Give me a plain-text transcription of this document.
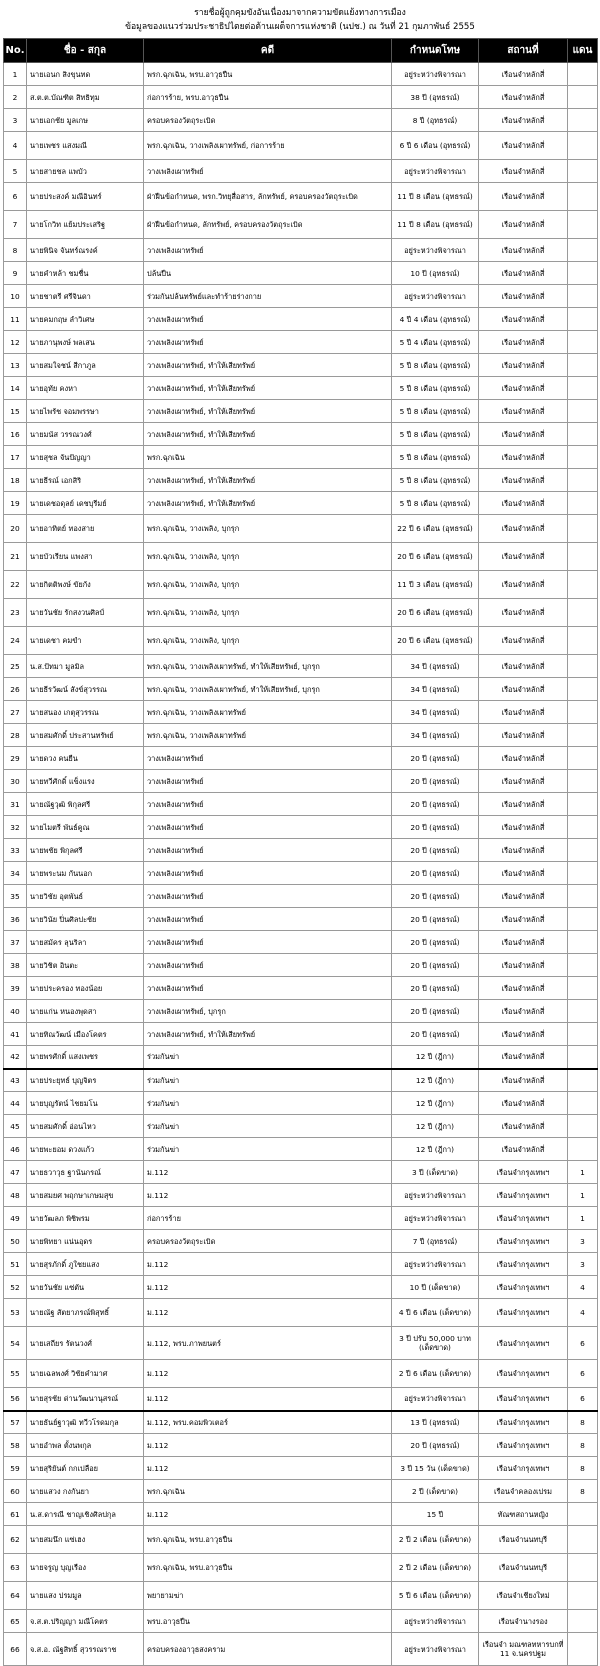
รายชื่อผู้ถูกคุมขังอันเนื่องมาจากความขัดแย้งทางการเมือง
ข้อมูลของแนวร่วมประชาธิปไตยต่อต้านเผด็จการแห่งชาติ (นปช.) ณ วันที่ 21 กุมภาพันธ์ 2555
No.	ชื่อ - สกุล	คดี	กำหนดโทษ	สถานที่	แดน
1	นายเอนก สิงขุนทด	พรก.ฉุกเฉิน, พรบ.อาวุธปืน	อยู่ระหว่างพิจารณา	เรือนจำหลักสี่	
2	ส.ต.ต.บัณฑิต สิทธิทุม	ก่อการร้าย, พรบ.อาวุธปืน	38 ปี (อุทธรณ์)	เรือนจำหลักสี่	
3	นายเอกชัย มูลเกษ	ครอบครองวัตถุระเบิด	8 ปี (อุทธรณ์)	เรือนจำหลักสี่	
4	นายเพชร แสงมณี	พรก.ฉุกเฉิน, วางเพลิงเผาทรัพย์, ก่อการร้าย	6 ปี 6 เดือน (อุทธรณ์)	เรือนจำหลักสี่	
5	นายสายชล แพบัว	วางเพลิงเผาทรัพย์	อยู่ระหว่างพิจารณา	เรือนจำหลักสี่	
6	นายประสงค์ มณีอินทร์	ฝ่าฝืนข้อกำหนด, พรก.วิทยุสื่อสาร, ลักทรัพย์, ครอบครองวัตถุระเบิด	11 ปี 8 เดือน (อุทธรณ์)	เรือนจำหลักสี่	
7	นายโกวิท แย้มประเสริฐ	ฝ่าฝืนข้อกำหนด, ลักทรัพย์, ครอบครองวัตถุระเบิด	11 ปี 8 เดือน (อุทธรณ์)	เรือนจำหลักสี่	
8	นายพินิจ จันทร์ณรงค์	วางเพลิงเผาทรัพย์	อยู่ระหว่างพิจารณา	เรือนจำหลักสี่	
9	นายคำหล้า ชมชื่น	ปล้นปืน	10 ปี (อุทธรณ์)	เรือนจำหลักสี่	
10	นายชาตรี ศรีจินดา	ร่วมกันปล้นทรัพย์และทำร้ายร่างกาย	อยู่ระหว่างพิจารณา	เรือนจำหลักสี่	
11	นายคมกฤษ ลำวิเศษ	วางเพลิงเผาทรัพย์	4 ปี 4 เดือน (อุทธรณ์)	เรือนจำหลักสี่	
12	นายภานุพงษ์ พลเสน	วางเพลิงเผาทรัพย์	5 ปี 4 เดือน (อุทธรณ์)	เรือนจำหลักสี่	
13	นายสมใจชน์ สีกาภูล	วางเพลิงเผาทรัพย์, ทำให้เสียทรัพย์	5 ปี 8 เดือน (อุทธรณ์)	เรือนจำหลักสี่	
14	นายอุทัย คงหา	วางเพลิงเผาทรัพย์, ทำให้เสียทรัพย์	5 ปี 8 เดือน (อุทธรณ์)	เรือนจำหลักสี่	
15	นายไพรัช จอมพรรษา	วางเพลิงเผาทรัพย์, ทำให้เสียทรัพย์	5 ปี 8 เดือน (อุทธรณ์)	เรือนจำหลักสี่	
16	นายมนัส วรรณวงศ์	วางเพลิงเผาทรัพย์, ทำให้เสียทรัพย์	5 ปี 8 เดือน (อุทธรณ์)	เรือนจำหลักสี่	
17	นายสุชล จันปัญญา	พรก.ฉุกเฉิน	5 ปี 8 เดือน (อุทธรณ์)	เรือนจำหลักสี่	
18	นายธีรณ์ เอกสิริ	วางเพลิงเผาทรัพย์, ทำให้เสียทรัพย์	5 ปี 8 เดือน (อุทธรณ์)	เรือนจำหลักสี่	
19	นายเดชอดุลย์ เดชบุรีมย์	วางเพลิงเผาทรัพย์, ทำให้เสียทรัพย์	5 ปี 8 เดือน (อุทธรณ์)	เรือนจำหลักสี่	
20	นายอาทิตย์ ทองสาย	พรก.ฉุกเฉิน, วางเพลิง, บุกรุก	22 ปี 6 เดือน (อุทธรณ์)	เรือนจำหลักสี่	
21	นายบัวเรียน แพงสา	พรก.ฉุกเฉิน, วางเพลิง, บุกรุก	20 ปี 6 เดือน (อุทธรณ์)	เรือนจำหลักสี่	
22	นายกิตติพงษ์ ขัยกัง	พรก.ฉุกเฉิน, วางเพลิง, บุกรุก	11 ปี 3 เดือน (อุทธรณ์)	เรือนจำหลักสี่	
23	นายวันชัย รักสงวนศิลป์	พรก.ฉุกเฉิน, วางเพลิง, บุกรุก	20 ปี 6 เดือน (อุทธรณ์)	เรือนจำหลักสี่	
24	นายเดชา คมขำ	พรก.ฉุกเฉิน, วางเพลิง, บุกรุก	20 ปี 6 เดือน (อุทธรณ์)	เรือนจำหลักสี่	
25	น.ส.ปัทมา มูลมิล	พรก.ฉุกเฉิน, วางเพลิงเผาทรัพย์, ทำให้เสียทรัพย์, บุกรุก	34 ปี (อุทธรณ์)	เรือนจำหลักสี่	
26	นายธีรวัฒน์ สังข์สุวรรณ	พรก.ฉุกเฉิน, วางเพลิงเผาทรัพย์, ทำให้เสียทรัพย์, บุกรุก	34 ปี (อุทธรณ์)	เรือนจำหลักสี่	
27	นายสนอง เกตุสุวรรณ	พรก.ฉุกเฉิน, วางเพลิงเผาทรัพย์	34 ปี (อุทธรณ์)	เรือนจำหลักสี่	
28	นายสมศักดิ์ ประสานทรัพย์	พรก.ฉุกเฉิน, วางเพลิงเผาทรัพย์	34 ปี (อุทธรณ์)	เรือนจำหลักสี่	
29	นายดวง คนยืน	วางเพลิงเผาทรัพย์	20 ปี (อุทธรณ์)	เรือนจำหลักสี่	
30	นายทวีศักดิ์ แข็งแรง	วางเพลิงเผาทรัพย์	20 ปี (อุทธรณ์)	เรือนจำหลักสี่	
31	นายณัฐวุฒิ พิกุลศรี	วางเพลิงเผาทรัพย์	20 ปี (อุทธรณ์)	เรือนจำหลักสี่	
32	นายไมตรี พันธ์คูณ	วางเพลิงเผาทรัพย์	20 ปี (อุทธรณ์)	เรือนจำหลักสี่	
33	นายพชัย พิกุลศรี	วางเพลิงเผาทรัพย์	20 ปี (อุทธรณ์)	เรือนจำหลักสี่	
34	นายพระนม กันนอก	วางเพลิงเผาทรัพย์	20 ปี (อุทธรณ์)	เรือนจำหลักสี่	
35	นายวิชัย อุตพันธ์	วางเพลิงเผาทรัพย์	20 ปี (อุทธรณ์)	เรือนจำหลักสี่	
36	นายวินัย ปิ่นศิลปะชัย	วางเพลิงเผาทรัพย์	20 ปี (อุทธรณ์)	เรือนจำหลักสี่	
37	นายสมัคร ลุนริลา	วางเพลิงเผาทรัพย์	20 ปี (อุทธรณ์)	เรือนจำหลักสี่	
38	นายวิชิต อินตะ	วางเพลิงเผาทรัพย์	20 ปี (อุทธรณ์)	เรือนจำหลักสี่	
39	นายประครอง ทองน้อย	วางเพลิงเผาทรัพย์	20 ปี (อุทธรณ์)	เรือนจำหลักสี่	
40	นายแก่น หนองพุดสา	วางเพลิงเผาทรัพย์, บุกรุก	20 ปี (อุทธรณ์)	เรือนจำหลักสี่	
41	นายทิณวัฒน์ เมืองโคตร	วางเพลิงเผาทรัพย์, ทำให้เสียทรัพย์	20 ปี (อุทธรณ์)	เรือนจำหลักสี่	
42	นายพรศักดิ์ แสงเพชร	ร่วมกันฆ่า	12 ปี (ฎีกา)	เรือนจำหลักสี่	
43	นายประยุทธ์ บุญจิตร	ร่วมกันฆ่า	12 ปี (ฎีกา)	เรือนจำหลักสี่	
44	นายบุญรัตน์ ไชยมโน	ร่วมกันฆ่า	12 ปี (ฎีกา)	เรือนจำหลักสี่	
45	นายสมศักดิ์ อ่อนไหว	ร่วมกันฆ่า	12 ปี (ฎีกา)	เรือนจำหลักสี่	
46	นายพะยอม ดวงแก้ว	ร่วมกันฆ่า	12 ปี (ฎีกา)	เรือนจำหลักสี่	
47	นายธวาวุธ ฐานันกรณ์	ม.112	3 ปี (เด็ดขาด)	เรือนจำกรุงเทพฯ	1
48	นายสมยศ พฤกษาเกษมสุข	ม.112	อยู่ระหว่างพิจารณา	เรือนจำกรุงเทพฯ	1
49	นายวัฒลภ พิชิพรม	ก่อการร้าย	อยู่ระหว่างพิจารณา	เรือนจำกรุงเทพฯ	1
50	นายพิทยา แน่นอุดร	ครอบครองวัตถุระเบิด	7 ปี (อุทธรณ์)	เรือนจำกรุงเทพฯ	3
51	นายสุรภักดิ์ ภูใชยแสง	ม.112	อยู่ระหว่างพิจารณา	เรือนจำกรุงเทพฯ	3
52	นายวันชัย แซ่ตัน	ม.112	10 ปี (เด็ดขาด)	เรือนจำกรุงเทพฯ	4
53	นายณัฐ สัตยาภรณ์พิสุทธิ์	ม.112	4 ปี 6 เดือน (เด็ดขาด)	เรือนจำกรุงเทพฯ	4
54	นายเสถียร รัตนวงศ์	ม.112, พรบ.ภาพยนตร์	3 ปี ปรับ 50,000 บาท (เด็ดขาด)	เรือนจำกรุงเทพฯ	6
55	นายเฉลพงศ์ วิชัยคำมาศ	ม.112	2 ปี 6 เดือน (เด็ดขาด)	เรือนจำกรุงเทพฯ	6
56	นายสุรชัย ด่านวัฒนานุสรณ์	ม.112	อยู่ระหว่างพิจารณา	เรือนจำกรุงเทพฯ	6
57	นายธันย์ฐาวุฒิ ทวีวโรดมกุล	ม.112, พรบ.คอมพิวเตอร์	13 ปี (อุทธรณ์)	เรือนจำกรุงเทพฯ	8
58	นายอำพล ตั้งนพกุล	ม.112	20 ปี (อุทธรณ์)	เรือนจำกรุงเทพฯ	8
59	นายสุริยันต์ กกเปลือย	ม.112	3 ปี 15 วัน (เด็ดขาด)	เรือนจำกรุงเทพฯ	8
60	นายแสวง กงกันยา	พรก.ฉุกเฉิน	2 ปี (เด็ดขาด)	เรือนจำคลองเปรม	8
61	น.ส.ดารณี ชาญเชิงศิลปกุล	ม.112	15 ปี	ทัณฑสถานหญิง	
62	นายสมนึก แซ่เฮง	พรก.ฉุกเฉิน, พรบ.อาวุธปืน	2 ปี 2 เดือน (เด็ดขาด)	เรือนจำนนทบุรี	
63	นายจรูญ บุญเรือง	พรก.ฉุกเฉิน, พรบ.อาวุธปืน	2 ปี 2 เดือน (เด็ดขาด)	เรือนจำนนทบุรี	
64	นายแสง ปรมมูล	พยายามฆ่า	5 ปี 6 เดือน (เด็ดขาด)	เรือนจำเชียงใหม่	
65	จ.ส.ต.ปริญญา มณีโคตร	พรบ.อาวุธปืน	อยู่ระหว่างพิจารณา	เรือนจำนางรอง	
66	จ.ส.อ. ณัฐสิทธิ์ สุวรรณราช	ครอบครองอาวุธสงคราม	อยู่ระหว่างพิจารณา	เรือนจำ มณฑลทหารบกที่ 11 จ.นครปฐม	
